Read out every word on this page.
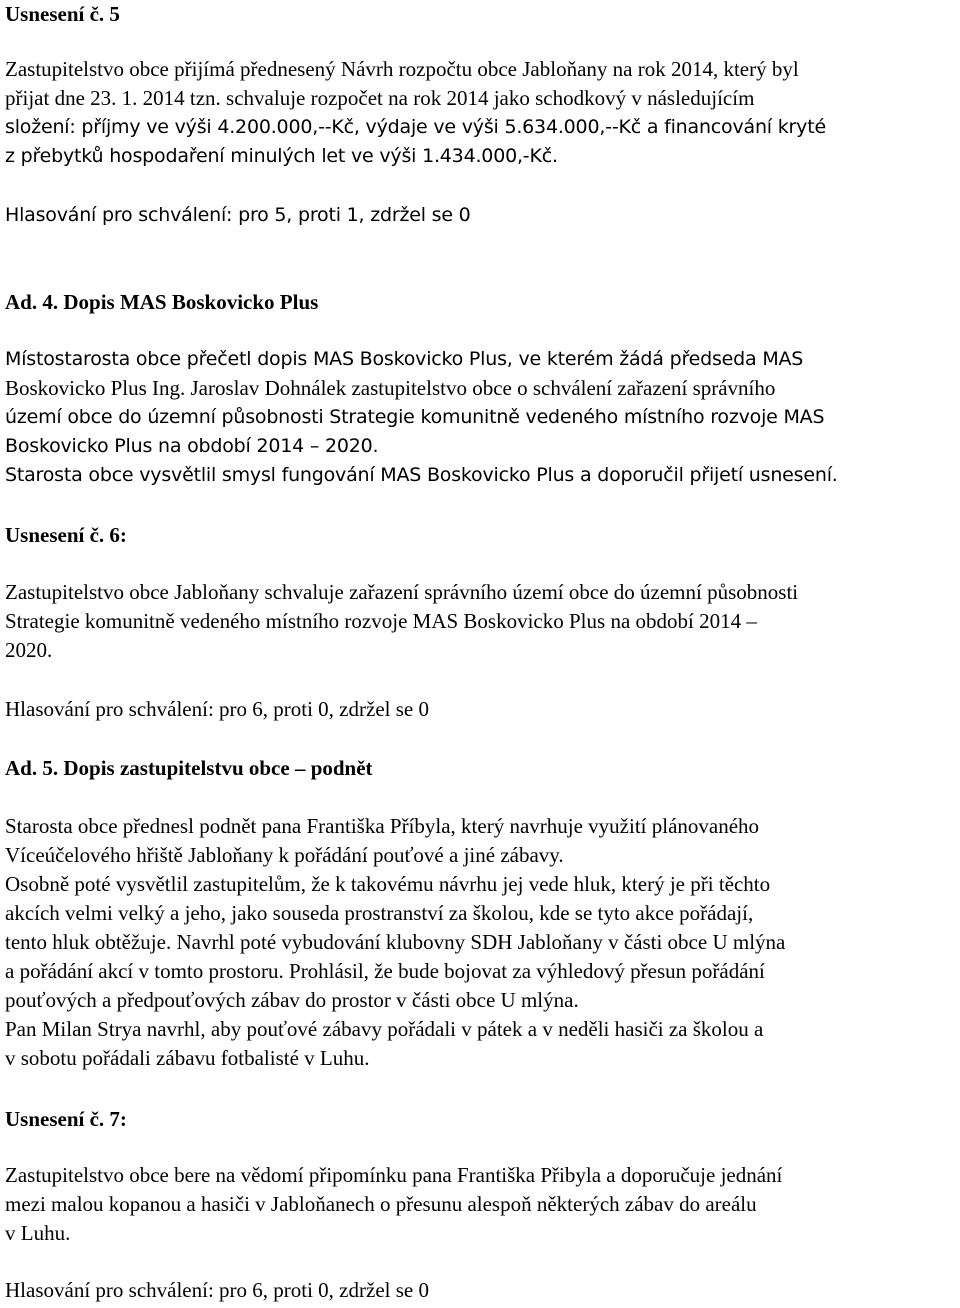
Usnesení č. 5
Zastupitelstvo obce přijímá přednesený Návrh rozpočtu obce Jabloňany na rok 2014, který byl
přijat dne 23. 1. 2014 tzn. schvaluje rozpočet na rok 2014 jako schodkový v následujícím
složení: příjmy ve výši 4.200.000,--Kč, výdaje ve výši 5.634.000,--Kč a financování kryté
z přebytků hospodaření minulých let ve výši 1.434.000,-Kč.
Hlasování pro schválení: pro 5, proti 1, zdržel se 0
Ad. 4. Dopis MAS Boskovicko Plus
Místostarosta obce přečetl dopis MAS Boskovicko Plus, ve kterém žádá předseda MAS
Boskovicko Plus Ing. Jaroslav Dohnálek zastupitelstvo obce o schválení zařazení správního
území obce do územní působnosti Strategie komunitně vedeného místního rozvoje MAS
Boskovicko Plus na období 2014 – 2020.
Starosta obce vysvětlil smysl fungování MAS Boskovicko Plus a doporučil přijetí usnesení.
Usnesení č. 6:
Zastupitelstvo obce Jabloňany schvaluje zařazení správního území obce do územní působnosti
Strategie komunitně vedeného místního rozvoje MAS Boskovicko Plus na období 2014 –
2020.
Hlasování pro schválení: pro 6, proti 0, zdržel se 0
Ad. 5. Dopis zastupitelstvu obce – podnět
Starosta obce přednesl podnět pana Františka Příbyla, který navrhuje využití plánovaného
Víceúčelového hřiště Jabloňany k pořádání pouťové a jiné zábavy.
Osobně poté vysvětlil zastupitelům, že k takovému návrhu jej vede hluk, který je při těchto
akcích velmi velký a jeho, jako souseda prostranství za školou, kde se tyto akce pořádají,
tento hluk obtěžuje. Navrhl poté vybudování klubovny SDH Jabloňany v části obce U mlýna
a pořádání akcí v tomto prostoru. Prohlásil, že bude bojovat za výhledový přesun pořádání
pouťových a předpouťových zábav do prostor v části obce U mlýna.
Pan Milan Strya navrhl, aby pouťové zábavy pořádali v pátek a v neděli hasiči za školou a
v sobotu pořádali zábavu fotbalisté v Luhu.
Usnesení č. 7:
Zastupitelstvo obce bere na vědomí připomínku pana Františka Přibyla a doporučuje jednání
mezi malou kopanou a hasiči v Jabloňanech o přesunu alespoň některých zábav do areálu
v Luhu.
Hlasování pro schválení: pro 6, proti 0, zdržel se 0
